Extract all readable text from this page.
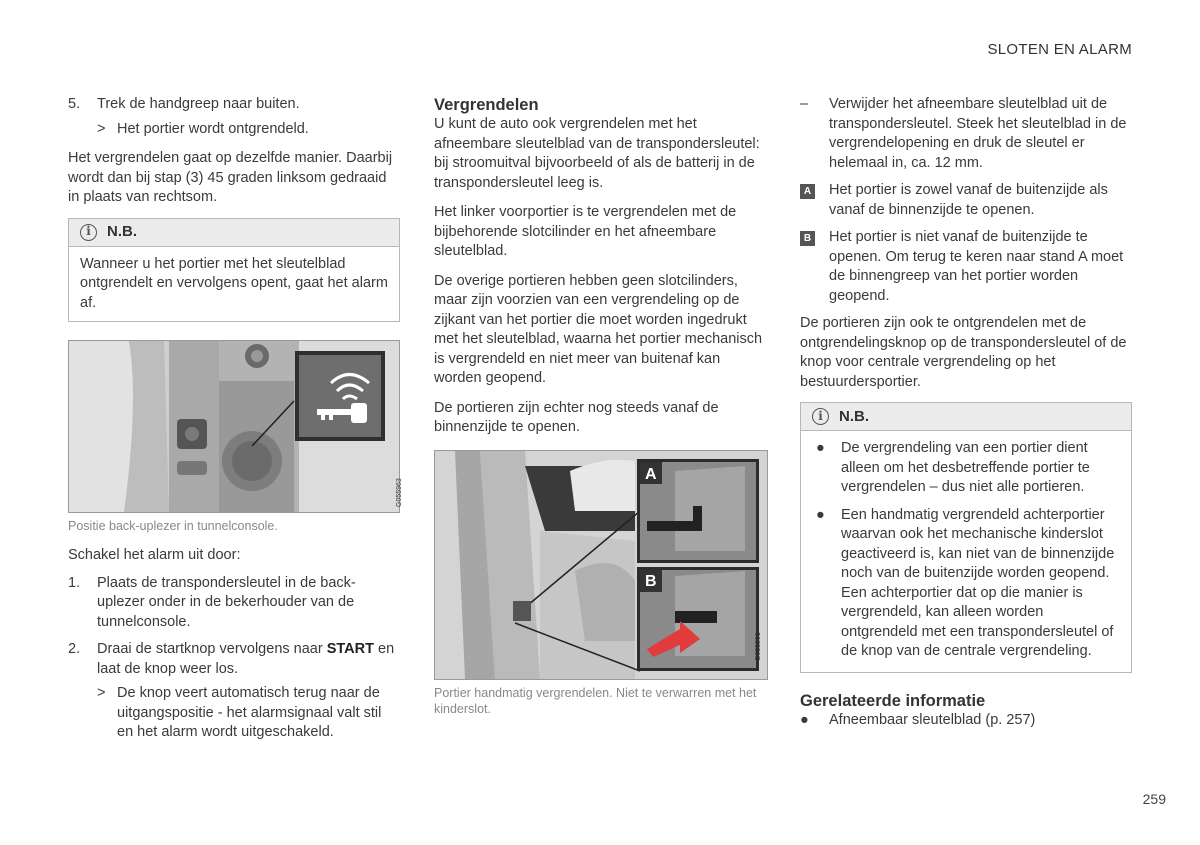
SLOTEN EN ALARM
5. Trek de handgreep naar buiten.
> Het portier wordt ontgrendeld.

Het vergrendelen gaat op dezelfde manier. Daarbij wordt dan bij stap (3) 45 graden linksom gedraaid in plaats van rechtsom.

i	N.B.
Wanneer u het portier met het sleutelblad ontgrendelt en vervolgens opent, gaat het alarm af.
G055963
Positie back-uplezer in tunnelconsole.

Schakel het alarm uit door:

1. Plaats de transpondersleutel in de back-uplezer onder in de bekerhouder van de tunnelconsole.
2. Draai de startknop vervolgens naar START en laat de knop weer los.
> De knop veert automatisch terug naar de uitgangspositie - het alarmsignaal valt stil en het alarm wordt uitgeschakeld.
Vergrendelen

U kunt de auto ook vergrendelen met het afneembare sleutelblad van de transpondersleutel: bij stroomuitval bijvoorbeeld of als de batterij in de transpondersleutel leeg is.

Het linker voorportier is te vergrendelen met de bijbehorende slotcilinder en het afneembare sleutelblad.

De overige portieren hebben geen slotcilinders, maar zijn voorzien van een vergrendeling op de zijkant van het portier die moet worden ingedrukt met het sleutelblad, waarna het portier mechanisch is vergrendeld en niet meer van buitenaf kan worden geopend.

De portieren zijn echter nog steeds vanaf de binnenzijde te openen.

A
B
G055201
Portier handmatig vergrendelen. Niet te verwarren met het kinderslot.
– Verwijder het afneembare sleutelblad uit de transpondersleutel. Steek het sleutelblad in de vergrendelopening en druk de sleutel er helemaal in, ca. 12 mm.
A Het portier is zowel vanaf de buitenzijde als vanaf de binnenzijde te openen.
B Het portier is niet vanaf de buitenzijde te openen. Om terug te keren naar stand A moet de binnengreep van het portier worden geopend.

De portieren zijn ook te ontgrendelen met de ontgrendelingsknop op de transpondersleutel of de knop voor centrale vergrendeling op het bestuurdersportier.

i	N.B.
● De vergrendeling van een portier dient alleen om het desbetreffende portier te vergrendelen – dus niet alle portieren.
● Een handmatig vergrendeld achterportier waarvan ook het mechanische kinderslot geactiveerd is, kan niet van de binnenzijde noch van de buitenzijde worden geopend. Een achterportier dat op die manier is vergrendeld, kan alleen worden ontgrendeld met een transpondersleutel of de knop van de centrale vergrendeling.
Gerelateerde informatie
● Afneembaar sleutelblad (p. 257)
259
